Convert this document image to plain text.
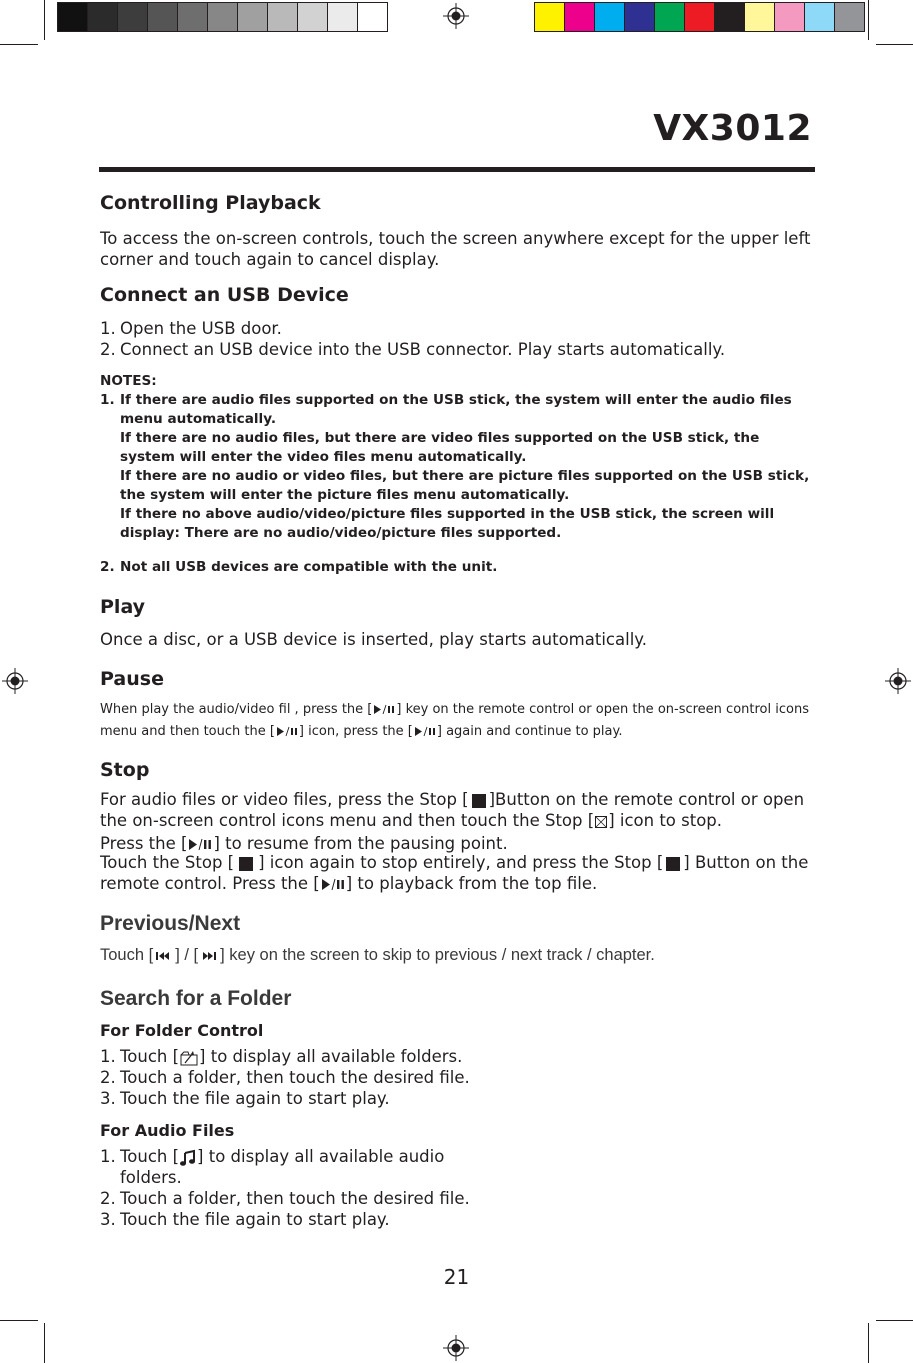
VX3012
Controlling Playback
To access the on-screen controls, touch the screen anywhere except for the upper left corner and touch again to cancel display.
Connect an USB Device
1. Open the USB door.
2. Connect an USB device into the USB connector. Play starts automatically.
NOTES:
1. If there are audio files supported on the USB stick, the system will enter the audio files menu automatically.
If there are no audio files, but there are video files supported on the USB stick, the system will enter the video files menu automatically.
If there are no audio or video files, but there are picture files supported on the USB stick, the system will enter the picture files menu automatically.
If there no above audio/video/picture files supported in the USB stick, the screen will display: There are no audio/video/picture files supported.
2. Not all USB devices are compatible with the unit.
Play
Once a disc, or a USB device is inserted, play starts automatically.
Pause
When play the audio/video fil , press the [ ] key on the remote control or open the on-screen control icons menu and then touch the [ ] icon, press the [ ] again and continue to play.
Stop
For audio files or video files, press the Stop [ ]Button on the remote control or open the on-screen control icons menu and then touch the Stop [ ] icon to stop.
Press the [ ] to resume from the pausing point.
Touch the Stop [ ] icon again to stop entirely, and press the Stop [ ] Button on the remote control. Press the [ ] to playback from the top file.
Previous/Next
Touch [ ] / [ ] key on the screen to skip to previous / next track / chapter.
Search for a Folder
For Folder Control
1. Touch [ ] to display all available folders.
2. Touch a folder, then touch the desired file.
3. Touch the file again to start play.
For Audio Files
1. Touch [ ] to display all available audio folders.
2. Touch a folder, then touch the desired file.
3. Touch the file again to start play.
21
